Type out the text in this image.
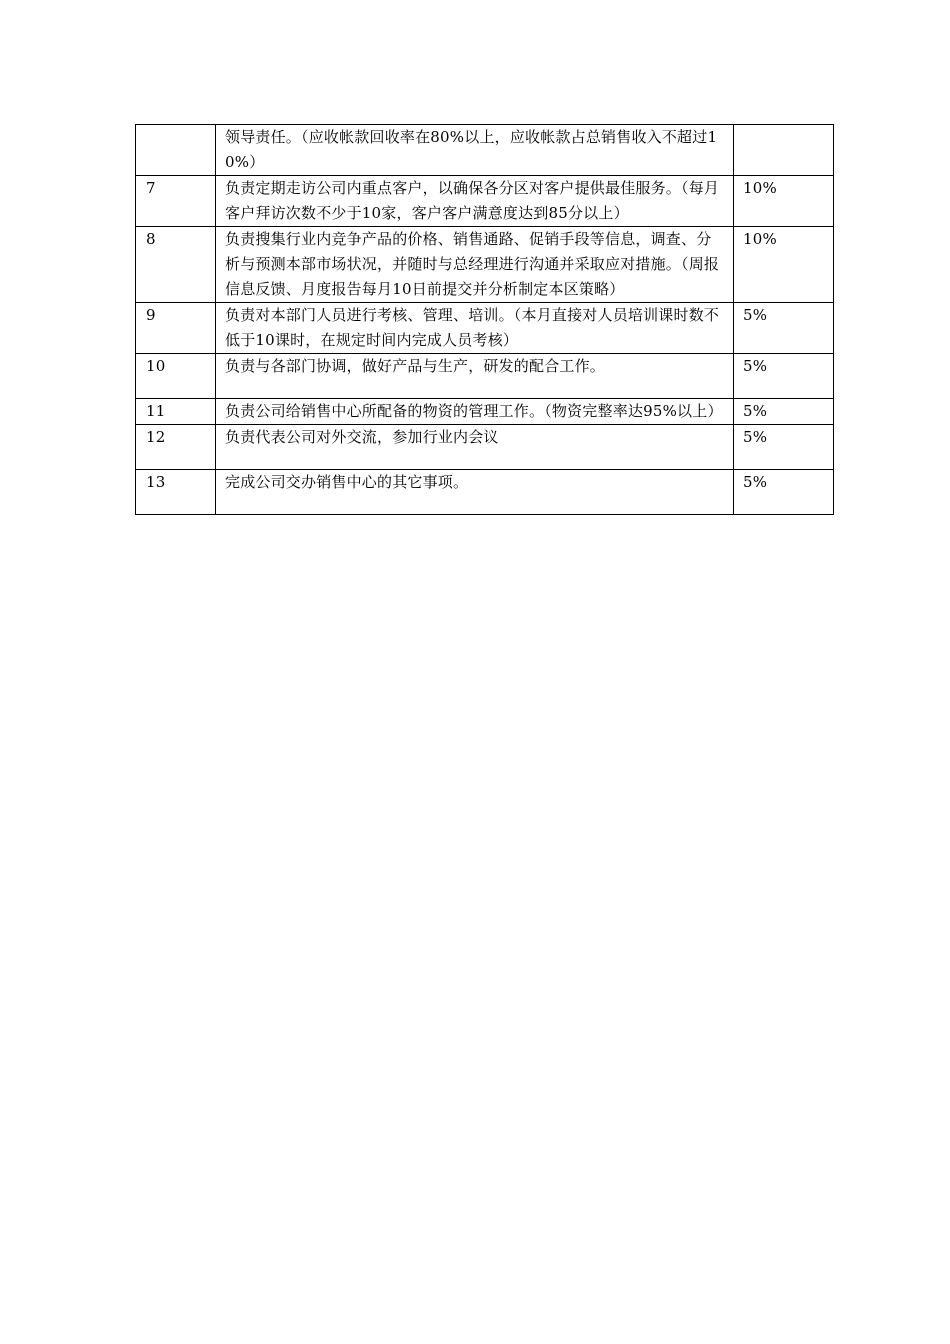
	领导责任。（应收帐款回收率在80%以上，应收帐款占总销售收入不超过10%）	
7	负责定期走访公司内重点客户，以确保各分区对客户提供最佳服务。（每月客户拜访次数不少于10家，客户客户满意度达到85分以上）	10%
8	负责搜集行业内竞争产品的价格、销售通路、促销手段等信息，调查、分析与预测本部市场状况，并随时与总经理进行沟通并采取应对措施。（周报信息反馈、月度报告每月10日前提交并分析制定本区策略）	10%
9	负责对本部门人员进行考核、管理、培训。（本月直接对人员培训课时数不低于10课时，在规定时间内完成人员考核）	5%
10	负责与各部门协调，做好产品与生产，研发的配合工作。	5%
11	负责公司给销售中心所配备的物资的管理工作。（物资完整率达95%以上）	5%
12	负责代表公司对外交流，参加行业内会议	5%
13	完成公司交办销售中心的其它事项。	5%
